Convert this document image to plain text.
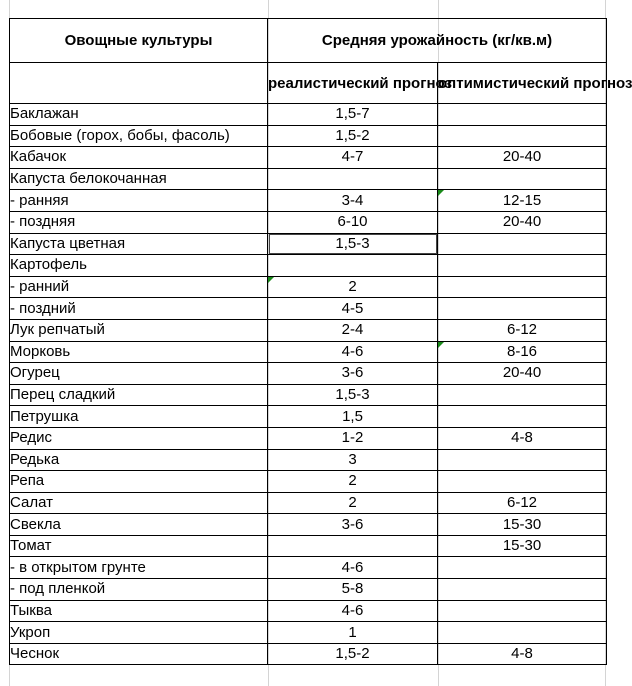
Овощные культуры	Средняя урожайность (кг/кв.м)	
	реалистический прогноз	оптимистический прогноз
Баклажан	1,5-7	
Бобовые (горох, бобы, фасоль)	1,5-2	
Кабачок	4-7	20-40
Капуста белокочанная		
- ранняя	3-4	12-15
- поздняя	6-10	20-40
Капуста цветная	1,5-3	
Картофель		
- ранний	2	
- поздний	4-5	
Лук репчатый	2-4	6-12
Морковь	4-6	8-16
Огурец	3-6	20-40
Перец сладкий	1,5-3	
Петрушка	1,5	
Редис	1-2	4-8
Редька	3	
Репа	2	
Салат	2	6-12
Свекла	3-6	15-30
Томат		15-30
- в открытом грунте	4-6	
- под пленкой	5-8	
Тыква	4-6	
Укроп	1	
Чеснок	1,5-2	4-8
